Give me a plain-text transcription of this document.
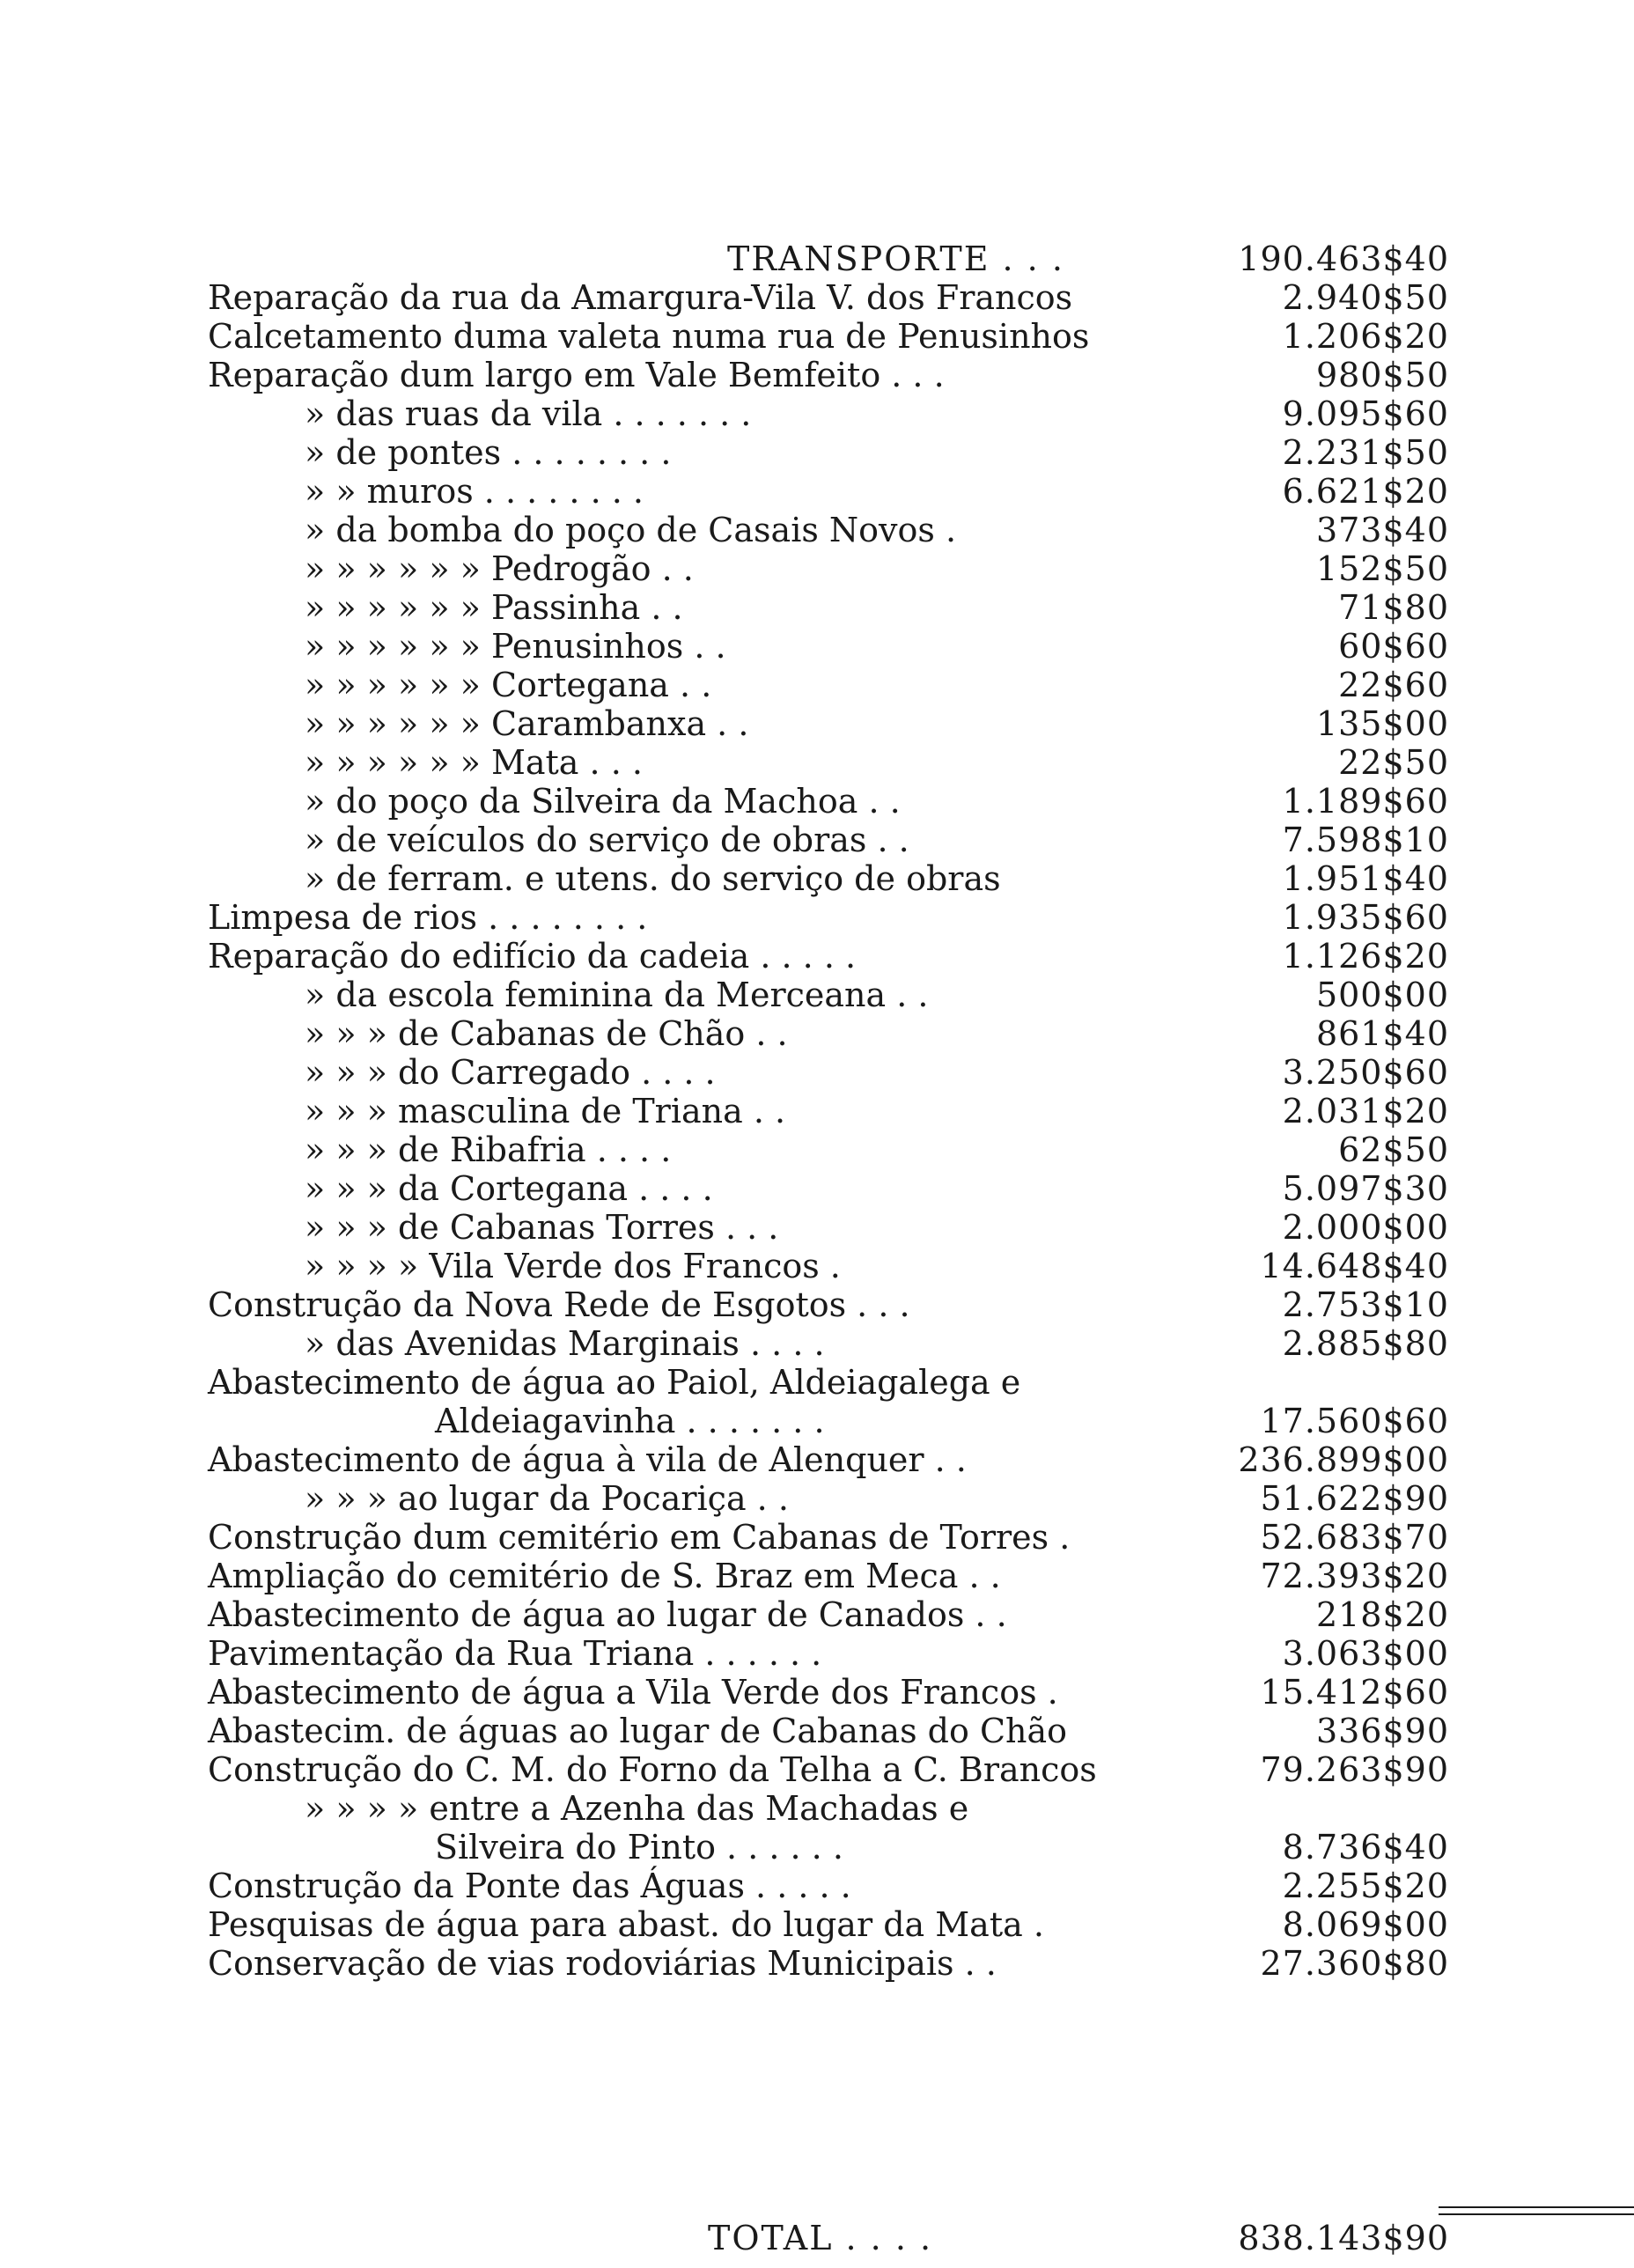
TRANSPORTE . . .	190.463$40
Reparação da rua da Amargura-Vila V. dos Francos	2.940$50
Calcetamento duma valeta numa rua de Penusinhos	1.206$20
Reparação dum largo em Vale Bemfeito . . .	980$50
» das ruas da vila . . . . . . .	9.095$60
» de pontes . . . . . . . .	2.231$50
» » muros . . . . . . . .	6.621$20
» da bomba do poço de Casais Novos .	373$40
» » » » » » Pedrogão . .	152$50
» » » » » » Passinha . .	71$80
» » » » » » Penusinhos . .	60$60
» » » » » » Cortegana . .	22$60
» » » » » » Carambanxa . .	135$00
» » » » » » Mata . . .	22$50
» do poço da Silveira da Machoa . .	1.189$60
» de veículos do serviço de obras . .	7.598$10
» de ferram. e utens. do serviço de obras	1.951$40
Limpesa de rios . . . . . . . .	1.935$60
Reparação do edifício da cadeia . . . . .	1.126$20
» da escola feminina da Merceana . .	500$00
» » » de Cabanas de Chão . .	861$40
» » » do Carregado . . . .	3.250$60
» » » masculina de Triana . .	2.031$20
» » » de Ribafria . . . .	62$50
» » » da Cortegana . . . .	5.097$30
» » » de Cabanas Torres . . .	2.000$00
» » » » Vila Verde dos Francos .	14.648$40
Construção da Nova Rede de Esgotos . . .	2.753$10
» das Avenidas Marginais . . . .	2.885$80
Abastecimento de água ao Paiol, Aldeiagalega e
Aldeiagavinha . . . . . . .	17.560$60
Abastecimento de água à vila de Alenquer . .	236.899$00
» » » ao lugar da Pocariça . .	51.622$90
Construção dum cemitério em Cabanas de Torres .	52.683$70
Ampliação do cemitério de S. Braz em Meca . .	72.393$20
Abastecimento de água ao lugar de Canados . .	218$20
Pavimentação da Rua Triana . . . . . .	3.063$00
Abastecimento de água a Vila Verde dos Francos .	15.412$60
Abastecim. de águas ao lugar de Cabanas do Chão	336$90
Construção do C. M. do Forno da Telha a C. Brancos	79.263$90
» » » » entre a Azenha das Machadas e
Silveira do Pinto . . . . . .	8.736$40
Construção da Ponte das Águas . . . . .	2.255$20
Pesquisas de água para abast. do lugar da Mata .	8.069$00
Conservação de vias rodoviárias Municipais . .	27.360$80
TOTAL . . . .	838.143$90
